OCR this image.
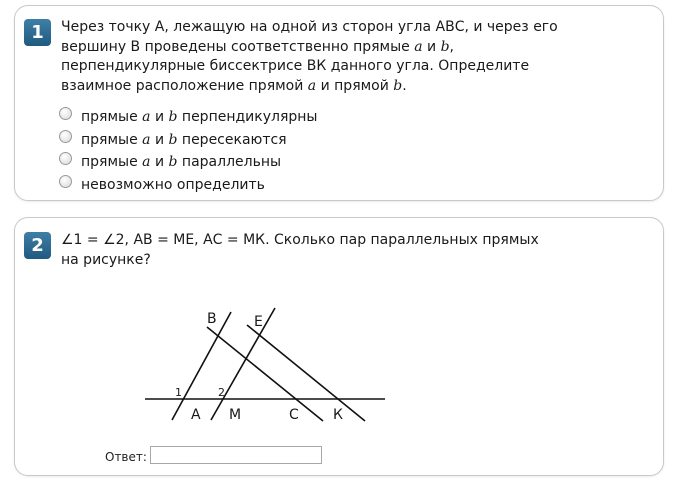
1	Через точку А, лежащую на одной из сторон угла АВС, и через его

вершину В проведены соответственно прямые a и b,

перпендикулярные биссектрисе ВК данного угла. Определите

взаимное расположение прямой a и прямой b.

прямые a и b перпендикулярны
прямые a и b пересекаются
прямые a и b параллельны
невозможно определить
2	∠1 = ∠2, АВ = МЕ, АС = МК. Сколько пар параллельных прямых

на рисунке?

В	Е
А М	С К
1	2
Ответ:
